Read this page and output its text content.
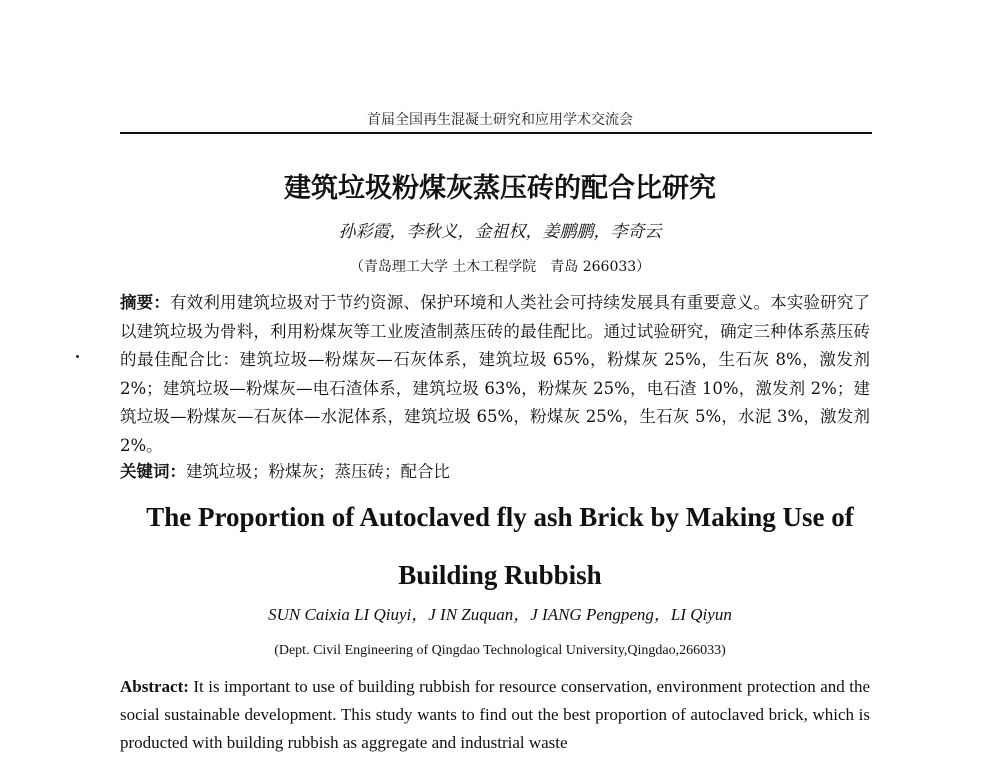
首届全国再生混凝土研究和应用学术交流会
建筑垃圾粉煤灰蒸压砖的配合比研究
孙彩霞，李秋义，金祖权，姜鹏鹏，李奇云
（青岛理工大学 土木工程学院　青岛 266033）
摘要：有效利用建筑垃圾对于节约资源、保护环境和人类社会可持续发展具有重要意义。本实验研究了以建筑垃圾为骨料，利用粉煤灰等工业废渣制蒸压砖的最佳配比。通过试验研究，确定三种体系蒸压砖的最佳配合比：建筑垃圾—粉煤灰—石灰体系，建筑垃圾 65%，粉煤灰 25%，生石灰 8%，激发剂 2%；建筑垃圾—粉煤灰—电石渣体系，建筑垃圾 63%，粉煤灰 25%，电石渣 10%，激发剂 2%；建筑垃圾—粉煤灰—石灰体—水泥体系，建筑垃圾 65%，粉煤灰 25%，生石灰 5%，水泥 3%，激发剂 2%。
关键词：建筑垃圾；粉煤灰；蒸压砖；配合比
The Proportion of Autoclaved fly ash Brick by Making Use of
Building Rubbish
SUN Caixia LI Qiuyi，J IN Zuquan，J IANG Pengpeng，LI Qiyun
(Dept. Civil Engineering of Qingdao Technological University,Qingdao,266033)
Abstract: It is important to use of building rubbish for resource conservation, environment protection and the social sustainable development. This study wants to find out the best proportion of autoclaved brick, which is producted with building rubbish as aggregate and industrial waste
